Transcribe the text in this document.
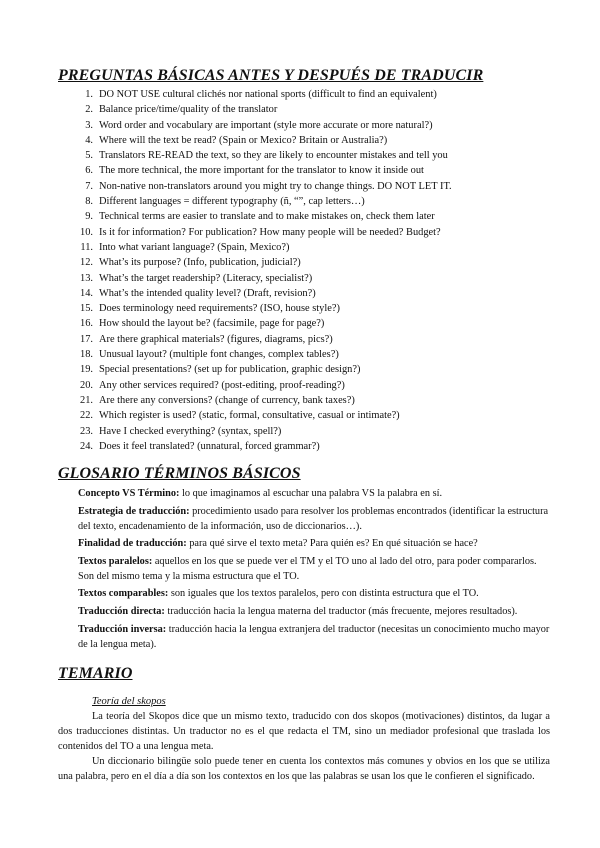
PREGUNTAS BÁSICAS ANTES Y DESPUÉS DE TRADUCIR
1. DO NOT USE cultural clichés nor national sports (difficult to find an equivalent)
2. Balance price/time/quality of the translator
3. Word order and vocabulary are important (style more accurate or more natural?)
4. Where will the text be read? (Spain or Mexico? Britain or Australia?)
5. Translators RE-READ the text, so they are likely to encounter mistakes and tell you
6. The more technical, the more important for the translator to know it inside out
7. Non-native non-translators around you might try to change things. DO NOT LET IT.
8. Different languages = different typography (ñ, “”, cap letters…)
9. Technical terms are easier to translate and to make mistakes on, check them later
10. Is it for information? For publication? How many people will be needed? Budget?
11. Into what variant language? (Spain, Mexico?)
12. What’s its purpose? (Info, publication, judicial?)
13. What’s the target readership? (Literacy, specialist?)
14. What’s the intended quality level? (Draft, revision?)
15. Does terminology need requirements? (ISO, house style?)
16. How should the layout be? (facsimile, page for page?)
17. Are there graphical materials? (figures, diagrams, pics?)
18. Unusual layout? (multiple font changes, complex tables?)
19. Special presentations? (set up for publication, graphic design?)
20. Any other services required? (post-editing, proof-reading?)
21. Are there any conversions? (change of currency, bank taxes?)
22. Which register is used? (static, formal, consultative, casual or intimate?)
23. Have I checked everything? (syntax, spell?)
24. Does it feel translated? (unnatural, forced grammar?)
GLOSARIO TÉRMINOS BÁSICOS

Concepto VS Término: lo que imaginamos al escuchar una palabra VS la palabra en sí.

Estrategia de traducción: procedimiento usado para resolver los problemas encontrados (identificar la estructura del texto, encadenamiento de la información, uso de diccionarios…).

Finalidad de traducción: para qué sirve el texto meta? Para quién es? En qué situación se hace?

Textos paralelos: aquellos en los que se puede ver el TM y el TO uno al lado del otro, para poder compararlos. Son del mismo tema y la misma estructura que el TO.

Textos comparables: son iguales que los textos paralelos, pero con distinta estructura que el TO.

Traducción directa: traducción hacia la lengua materna del traductor (más frecuente, mejores resultados).

Traducción inversa: traducción hacia la lengua extranjera del traductor (necesitas un conocimiento mucho mayor de la lengua meta).

TEMARIO
Teoría del skopos

La teoría del Skopos dice que un mismo texto, traducido con dos skopos (motivaciones) distintos, da lugar a dos traducciones distintas. Un traductor no es el que redacta el TM, sino un mediador profesional que traslada los contenidos del TO a una lengua meta.

Un diccionario bilingüe solo puede tener en cuenta los contextos más comunes y obvios en los que se utiliza una palabra, pero en el día a día son los contextos en los que las palabras se usan los que le confieren el significado.
